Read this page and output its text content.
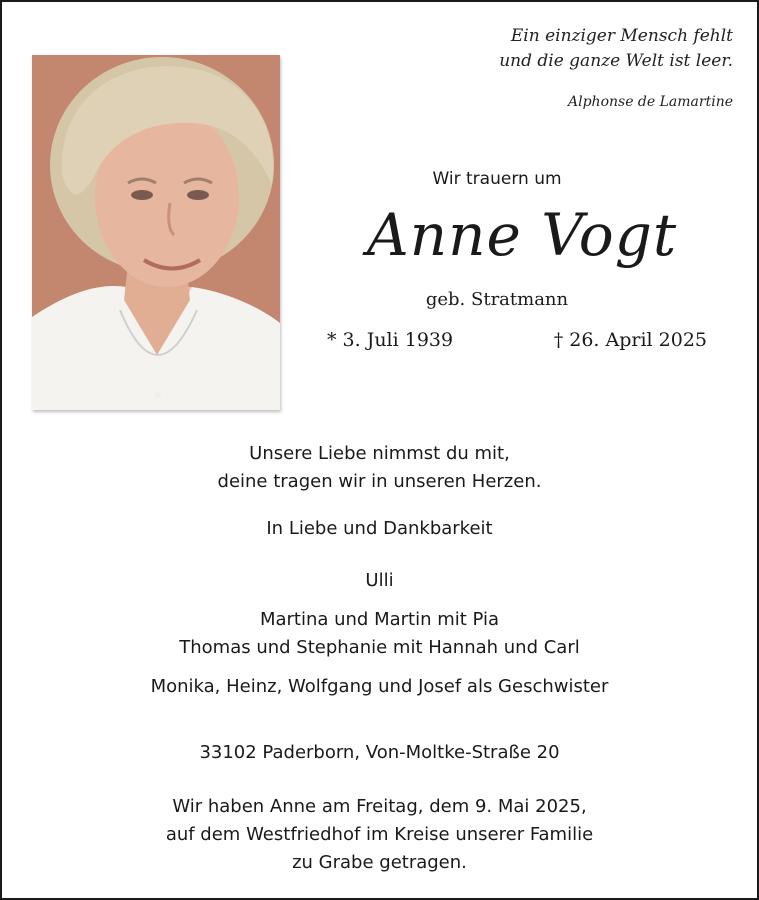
Ein einziger Mensch fehlt
und die ganze Welt ist leer.
Alphonse de Lamartine
Wir trauern um
Anne Vogt
geb. Stratmann
* 3. Juli 1939	† 26. April 2025
Unsere Liebe nimmst du mit,
deine tragen wir in unseren Herzen.
In Liebe und Dankbarkeit
Ulli
Martina und Martin mit Pia
Thomas und Stephanie mit Hannah und Carl
Monika, Heinz, Wolfgang und Josef als Geschwister
33102 Paderborn, Von-Moltke-Straße 20
Wir haben Anne am Freitag, dem 9. Mai 2025,
auf dem Westfriedhof im Kreise unserer Familie
zu Grabe getragen.
